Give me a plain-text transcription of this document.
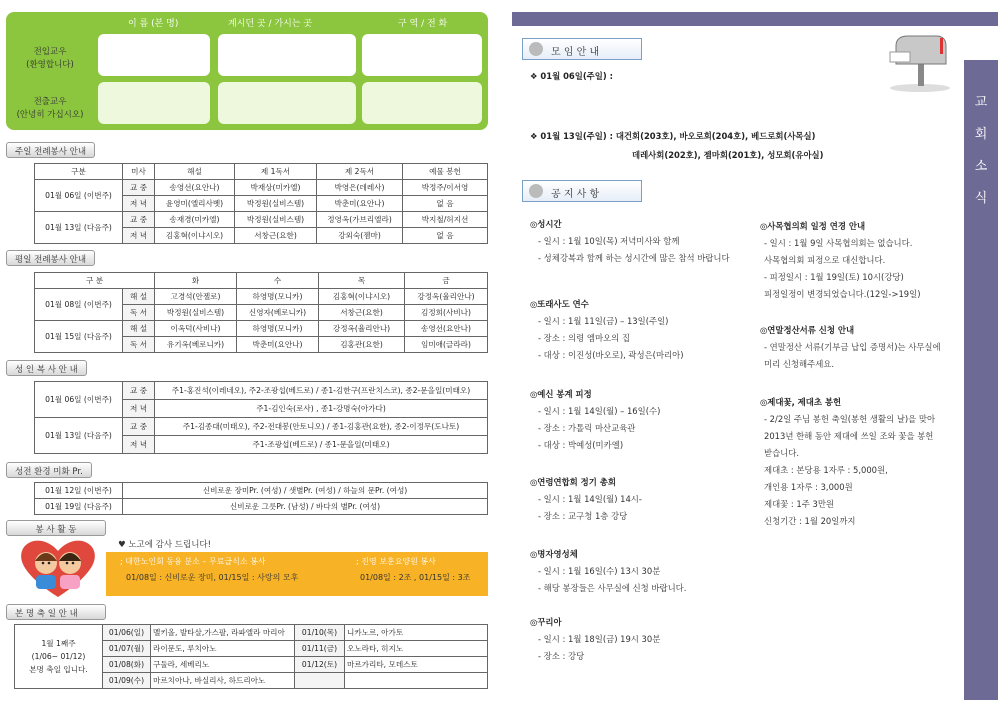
이 름 (본 명)	계시던 곳 / 가시는 곳	구 역 / 전 화
전입교우
(환영합니다)
전출교우
(안녕히 가십시오)
주일 전례봉사 안내
구분	미사	해설	제 1독서	제 2독서	예물 봉헌
01월 06일 (이번주)	교 중	송영선(요안나)	박재상(미카엘)	박영은(데레사)	박정주/이서영
	저 녁	윤영미(엘리사벳)	박정원(실비스템)	박춘미(요안나)	없 음
01월 13일 (다음주)	교 중	송재경(미카엘)	박정원(실비스템)	정영옥(가브리엘라)	박지철/허지선
	저 녁	김홍혁(이냐시오)	서창근(요한)	강외숙(젬마)	없 음
평일 전례봉사 안내
구 분		화	수	목	금
01월 08일 (이번주)	해 설	고경석(안젤로)	하영명(모니카)	김홍혁(이냐시오)	강정옥(율리안나)
	독 서	박정원(실비스템)	신영자(베로니카)	서창근(요한)	김정희(사비나)
01월 15일 (다음주)	해 설	이옥덕(사비나)	하영명(모니카)	강정옥(율리안나)	송영선(요안나)
	독 서	유기옥(베로니카)	박춘미(요안나)	김홍관(요한)	임미애(글라라)
성 인 복 사 안 내
01월 06일 (이번주)	교 중	주1-홍진석(이레네오), 주2-조광섭(베드로) / 종1-김한구(프란치스코), 종2-문을일(미태오)
	저 녁	주1-김인숙(로사) , 종1-강명숙(아가다)
01월 13일 (다음주)	교 중	주1-김종대(미태오), 주2-전대봉(안토니오) / 종1-김홍관(요한), 종2-이정무(도나토)
	저 녁	주1-조광섭(베드로) / 종1-문을일(미태오)
성전 환경 미화 Pr.
01월 12일 (이번주)	신비로운 장미Pr. (여성) / 샛별Pr. (여성) / 하늘의 문Pr. (여성)
01월 19일 (다음주)	신비로운 그릇Pr. (남성) / 바다의 별Pr. (여성)
봉 사 활 동
♥ 노고에 감사 드립니다!
; 대한노인회 동융 분소 – 무료급식소 봉사
01/08일 : 신비로운 장미, 01/15일 : 사랑의 모후
; 진영 보훈요양원 봉사
01/08일 : 2조 , 01/15일 : 3조
본 명 축 일 안 내
1월 1째주
(1/06~ 01/12)
본명 축일 입니다.	01/06(일)	멜키올, 발타살,가스팔, 라파엘라 마리아	01/10(목)	니카노르, 아가토
	01/07(월)	라이문도, 루치아노	01/11(금)	오노라타, 히지노
	01/08(화)	구둘라, 세베리노	01/12(토)	마르가리타, 모데스토
	01/09(수)	마르치아나, 바실리사, 하드리아노		
교
회
소
식
모 임 안 내
❖ 01월 06일(주일) :
❖ 01월 13일(주일) : 대건회(203호), 바오로회(204호), 베드로회(사목실)
데레사회(202호), 젬마회(201호), 성모회(유아실)
공 지 사 항
◎성시간
- 일시 : 1월 10일(목) 저녁미사와 함께
- 성체강복과 함께 하는 성시간에 많은 참석 바랍니다
◎또래사도 연수
- 일시 : 1월 11일(금) – 13일(주일)
- 장소 : 의령 엠마오의 집
- 대상 : 이진성(바오로), 곽성은(마리아)
◎예신 봉계 피정
- 일시 : 1월 14일(월) – 16일(수)
- 장소 : 가톨릭 마산교육관
- 대상 : 박예성(미카엘)
◎연령연합회 정기 총회
- 일시 : 1월 14일(월) 14시-
- 장소 : 교구청 1층 강당
◎명자영성체
- 일시 : 1월 16일(수) 13시 30분
- 해당 봉장들은 사무실에 신청 바랍니다.
◎꾸리아
- 일시 : 1월 18일(금) 19시 30분
- 장소 : 강당
◎사목협의회 일정 연경 안내
- 일시 : 1월 9일 사목협의회는 없습니다.
사목협의회 피정으로 대신합니다.
- 피정일시 : 1월 19일(토) 10시(강당)
피정일정이 변경되었습니다.(12일->19일)
◎연말정산서류 신청 안내
- 연말정산 서류(기부금 납입 증명서)는 사무실에
미리 신청해주세요.
◎제대꽃, 제대초 봉헌
- 2/2일 주님 봉헌 축일(봉헌 생활의 날)을 맞아
2013년 한해 동안 제대에 쓰일 조와 꽃을 봉헌
받습니다.
제대초 : 본당용 1자루 : 5,000원,
개인용 1자루 : 3,000원
제대꽃 : 1주 3만원
신청기간 : 1월 20일까지
